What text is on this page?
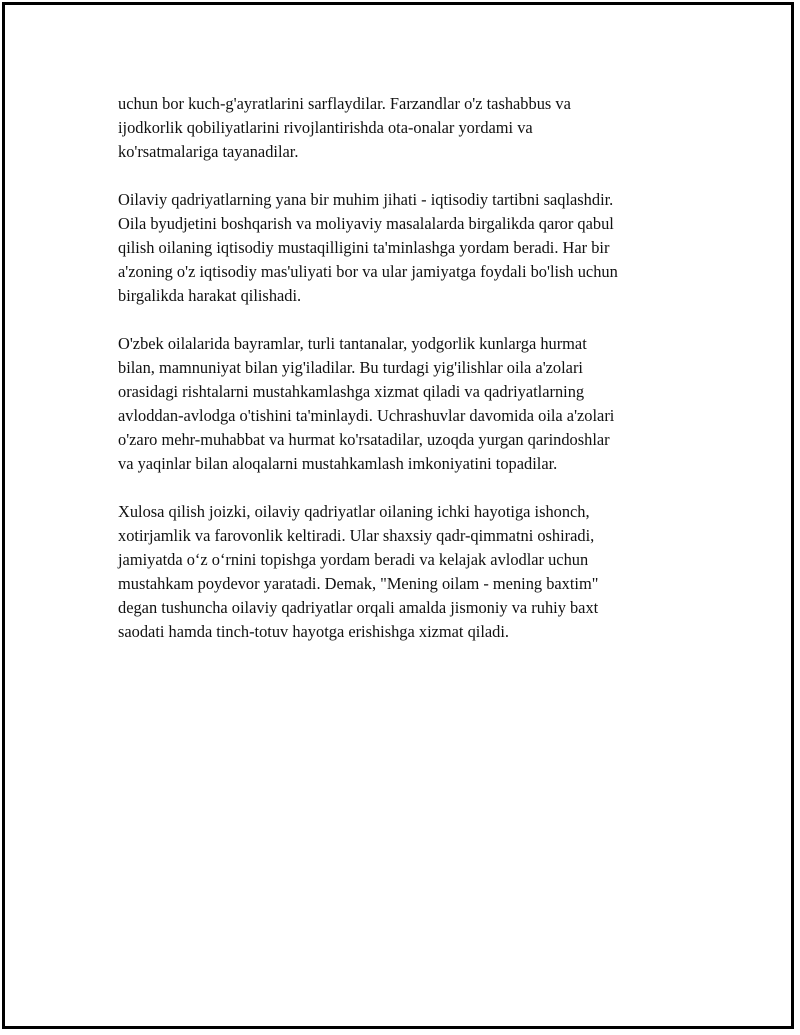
uchun bor kuch-g'ayratlarini sarflaydilar. Farzandlar o'z tashabbus va
ijodkorlik qobiliyatlarini rivojlantirishda ota-onalar yordami va
ko'rsatmalariga tayanadilar.

Oilaviy qadriyatlarning yana bir muhim jihati - iqtisodiy tartibni saqlashdir.
Oila byudjetini boshqarish va moliyaviy masalalarda birgalikda qaror qabul
qilish oilaning iqtisodiy mustaqilligini ta'minlashga yordam beradi. Har bir
a'zoning o'z iqtisodiy mas'uliyati bor va ular jamiyatga foydali bo'lish uchun
birgalikda harakat qilishadi.

O'zbek oilalarida bayramlar, turli tantanalar, yodgorlik kunlarga hurmat
bilan, mamnuniyat bilan yig'iladilar. Bu turdagi yig'ilishlar oila a'zolari
orasidagi rishtalarni mustahkamlashga xizmat qiladi va qadriyatlarning
avloddan-avlodga o'tishini ta'minlaydi. Uchrashuvlar davomida oila a'zolari
o'zaro mehr-muhabbat va hurmat ko'rsatadilar, uzoqda yurgan qarindoshlar
va yaqinlar bilan aloqalarni mustahkamlash imkoniyatini topadilar.

Xulosa qilish joizki, oilaviy qadriyatlar oilaning ichki hayotiga ishonch,
xotirjamlik va farovonlik keltiradi. Ular shaxsiy qadr-qimmatni oshiradi,
jamiyatda o‘z o‘rnini topishga yordam beradi va kelajak avlodlar uchun
mustahkam poydevor yaratadi. Demak, "Mening oilam - mening baxtim"
degan tushuncha oilaviy qadriyatlar orqali amalda jismoniy va ruhiy baxt
saodati hamda tinch-totuv hayotga erishishga xizmat qiladi.
